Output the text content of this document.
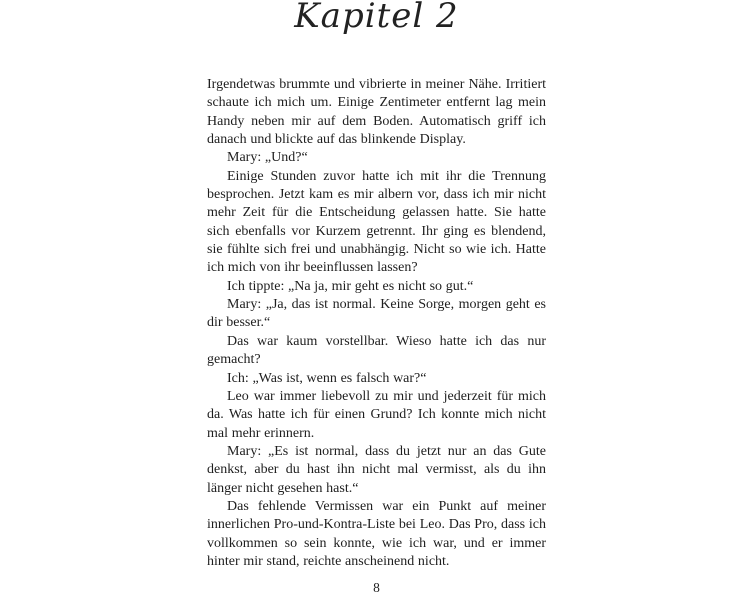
Kapitel 2

Irgendetwas brummte und vibrierte in meiner Nähe. Irritiert schaute ich mich um. Einige Zentimeter entfernt lag mein Handy neben mir auf dem Boden. Automatisch griff ich danach und blickte auf das blinkende Display.

Mary: „Und?“

Einige Stunden zuvor hatte ich mit ihr die Trennung besprochen. Jetzt kam es mir albern vor, dass ich mir nicht mehr Zeit für die Entscheidung gelassen hatte. Sie hatte sich ebenfalls vor Kurzem getrennt. Ihr ging es blendend, sie fühlte sich frei und unabhängig. Nicht so wie ich. Hatte ich mich von ihr beeinflussen lassen?

Ich tippte: „Na ja, mir geht es nicht so gut.“

Mary: „Ja, das ist normal. Keine Sorge, morgen geht es dir besser.“

Das war kaum vorstellbar. Wieso hatte ich das nur gemacht?

Ich: „Was ist, wenn es falsch war?“

Leo war immer liebevoll zu mir und jederzeit für mich da. Was hatte ich für einen Grund? Ich konnte mich nicht mal mehr erinnern.

Mary: „Es ist normal, dass du jetzt nur an das Gute denkst, aber du hast ihn nicht mal vermisst, als du ihn länger nicht gesehen hast.“

Das fehlende Vermissen war ein Punkt auf meiner innerlichen Pro-und-Kontra-Liste bei Leo. Das Pro, dass ich vollkommen so sein konnte, wie ich war, und er immer hinter mir stand, reichte anscheinend nicht.

8
